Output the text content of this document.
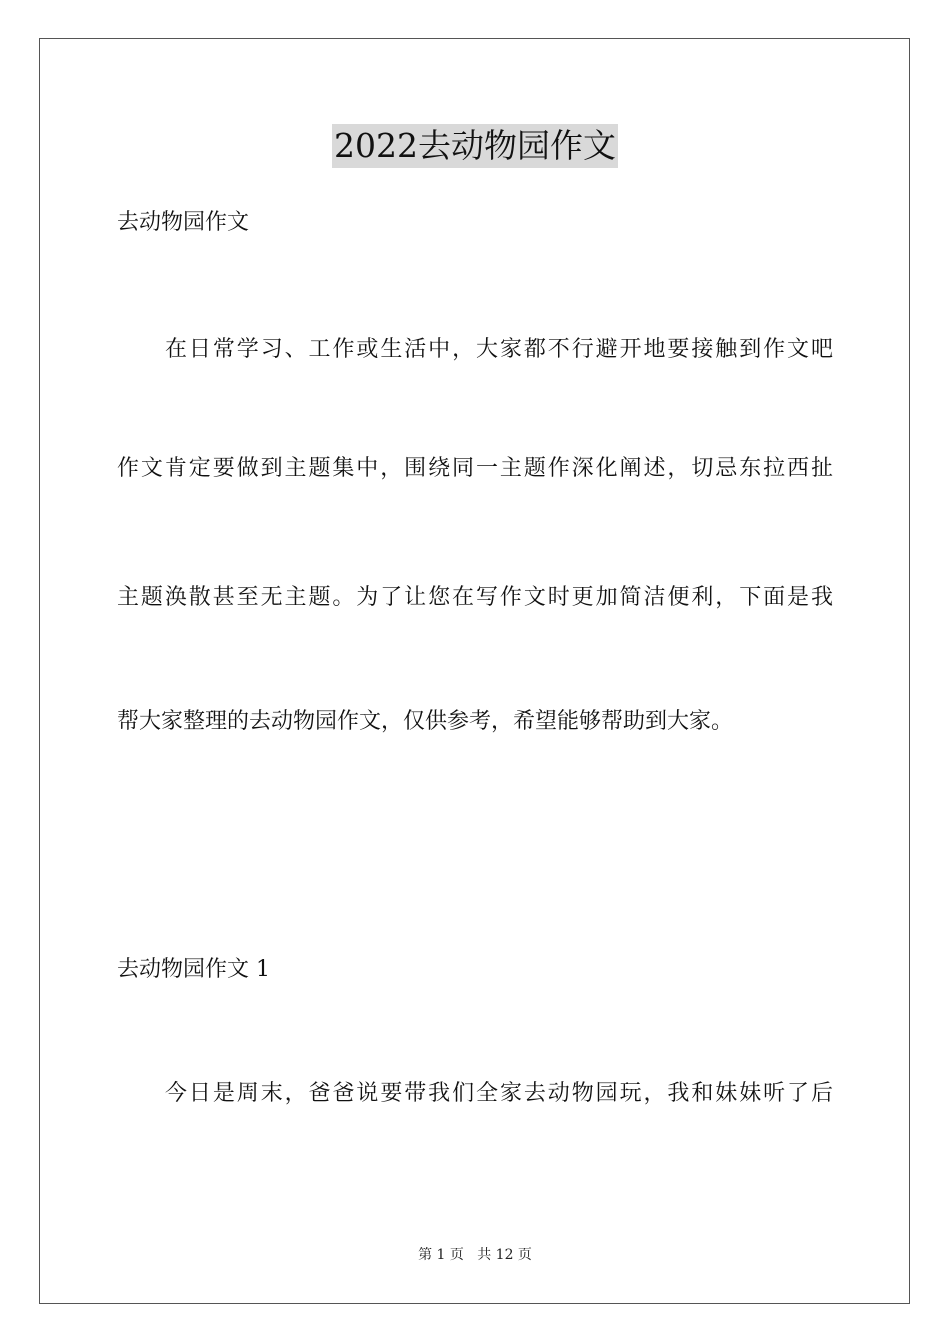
2022去动物园作文
去动物园作文
在日常学习、工作或生活中，大家都不行避开地要接触到作文吧
作文肯定要做到主题集中，围绕同一主题作深化阐述，切忌东拉西扯
主题涣散甚至无主题。为了让您在写作文时更加简洁便利，下面是我
帮大家整理的去动物园作文，仅供参考，希望能够帮助到大家。
去动物园作文 1
今日是周末，爸爸说要带我们全家去动物园玩，我和妹妹听了后
第 1 页   共 12 页
